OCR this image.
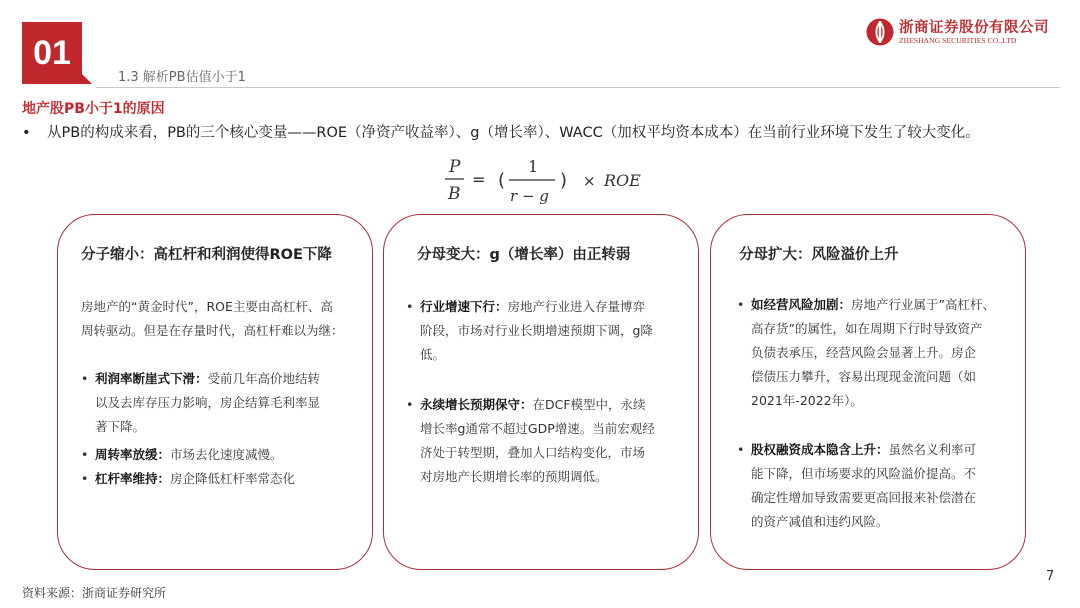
01
1.3 解析PB估值小于1
浙商证券股份有限公司
ZHESHANG SECURITIES CO.,LTD
地产股PB小于1的原因
• 从PB的构成来看，PB的三个核心变量——ROE（净资产收益率）、g（增长率）、WACC（加权平均资本成本）在当前行业环境下发生了较大变化。
P
B
= (
1
r − g
) × ROE
分子缩小：高杠杆和利润使得ROE下降

房地产的“黄金时代”，ROE主要由高杠杆、高

周转驱动。但是在存量时代，高杠杆难以为继：

• 利润率断崖式下滑：受前几年高价地结转
以及去库存压力影响，房企结算毛利率显
著下降。
• 周转率放缓：市场去化速度减慢。
• 杠杆率维持：房企降低杠杆率常态化
分母变大：g（增长率）由正转弱
• 行业增速下行：房地产行业进入存量博弈
阶段，市场对行业长期增速预期下调，g降
低。
• 永续增长预期保守：在DCF模型中，永续
增长率g通常不超过GDP增速。当前宏观经
济处于转型期，叠加人口结构变化，市场
对房地产长期增长率的预期调低。
分母扩大：风险溢价上升
• 如经营风险加剧：房地产行业属于”高杠杆、
高存货”的属性，如在周期下行时导致资产
负债表承压，经营风险会显著上升。房企
偿债压力攀升，容易出现现金流问题（如
2021年-2022年）。
• 股权融资成本隐含上升：虽然名义利率可
能下降，但市场要求的风险溢价提高。不
确定性增加导致需要更高回报来补偿潜在
的资产减值和违约风险。
资料来源：浙商证券研究所
7
